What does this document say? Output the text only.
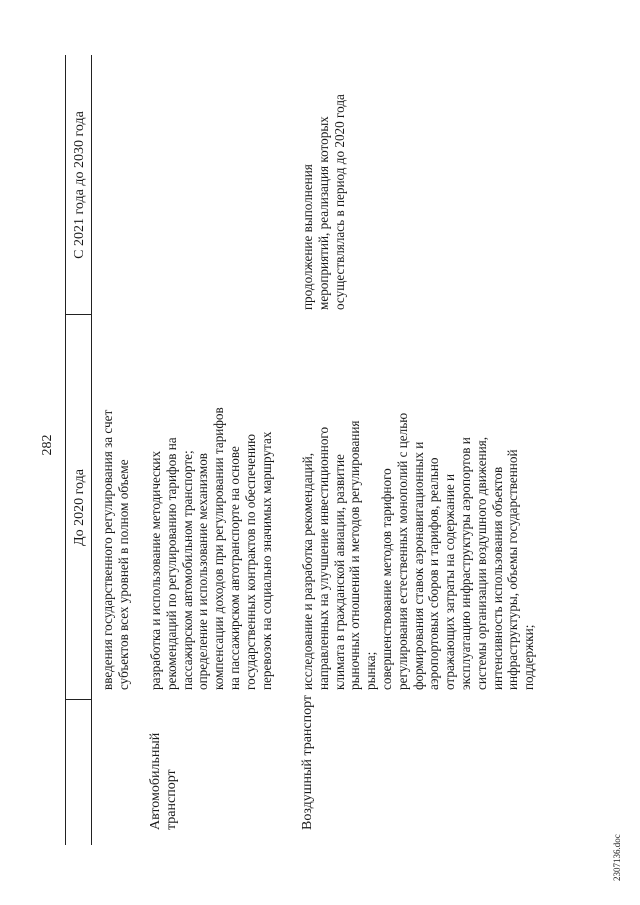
282
До 2020 года
С 2021 года до 2030 года

введения государственного регулирования за счет субъектов всех уровней в полном объеме

Автомобильный транспорт

разработка и использование методических рекомендаций по регулированию тарифов на пассажирском автомобильном транспорте; определение и использование механизмов компенсации доходов при регулировании тарифов на пассажирском автотранспорте на основе государственных контрактов по обеспечению перевозок на социально значимых маршрутах

Воздушный транспорт

исследование и разработка рекомендаций, направленных на улучшение инвестиционного климата в гражданской авиации, развитие рыночных отношений и методов регулирования рынка; совершенствование методов тарифного регулирования естественных монополий с целью формирования ставок аэронавигационных и аэропортовых сборов и тарифов, реально отражающих затраты на содержание и эксплуатацию инфраструктуры аэропортов и системы организации воздушного движения, интенсивность использования объектов инфраструктуры, объемы государственной поддержки;

продолжение выполнения мероприятий, реализация которых осуществлялась в период до 2020 года

2307136.doc
